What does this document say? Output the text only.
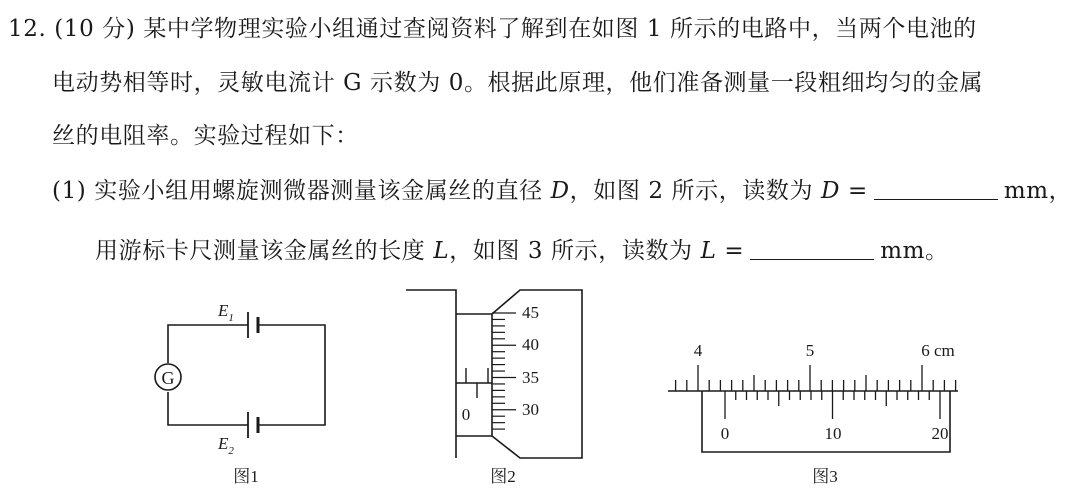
12. (10 分) 某中学物理实验小组通过查阅资料了解到在如图 1 所示的电路中，当两个电池的
电动势相等时，灵敏电流计 G 示数为 0。根据此原理，他们准备测量一段粗细均匀的金属
丝的电阻率。实验过程如下：
(1) 实验小组用螺旋测微器测量该金属丝的直径 D，如图 2 所示，读数为 D =	mm，
用游标卡尺测量该金属丝的长度 L，如图 3 所示，读数为 L =	mm。
G
$E_1$
$E_2$
图1
0
45
40
35
30
图2
4	5	6 cm
0	10	20
图3
